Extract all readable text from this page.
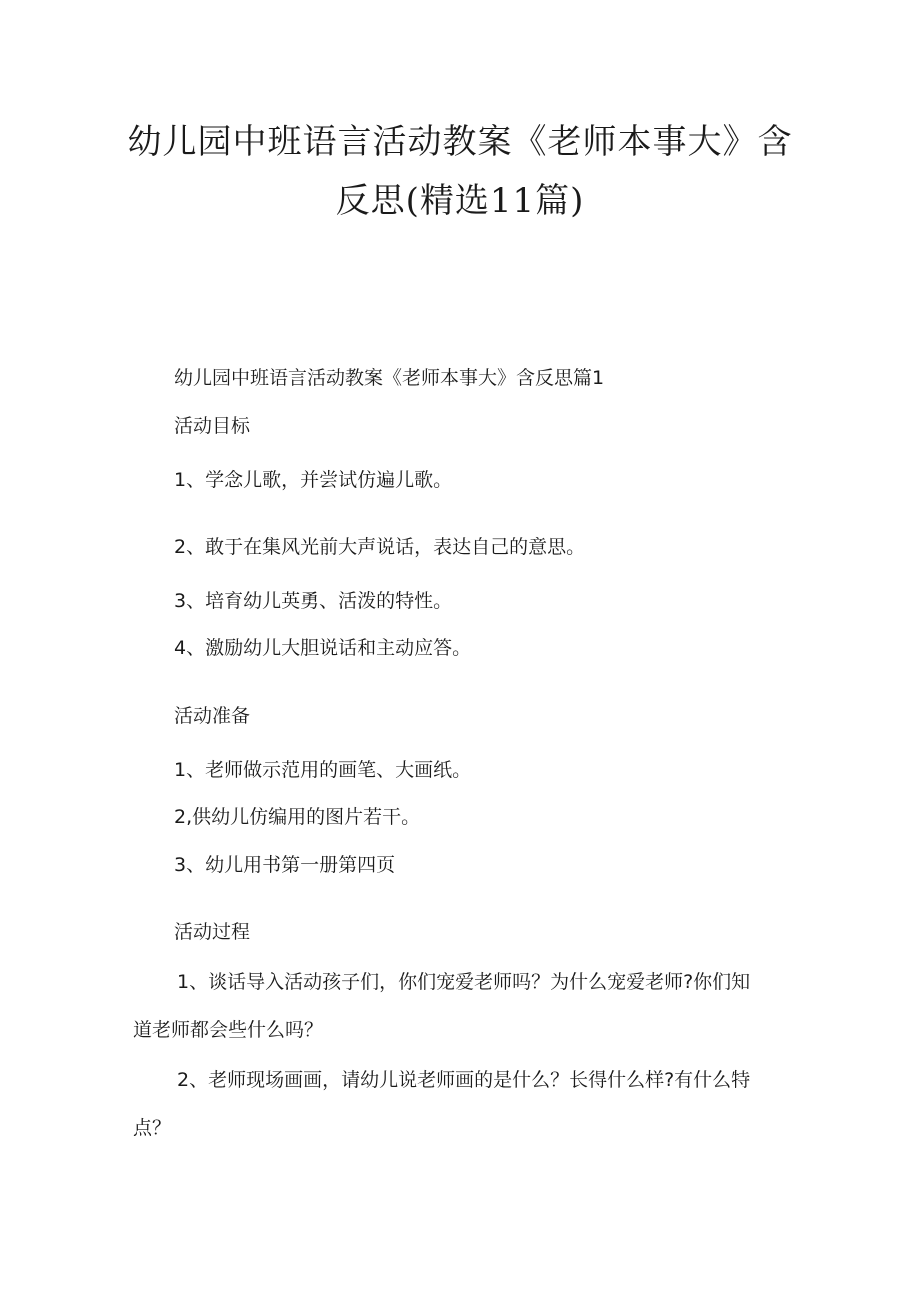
幼儿园中班语言活动教案《老师本事大》含
反思(精选11篇)
幼儿园中班语言活动教案《老师本事大》含反思篇1
活动目标
1、学念儿歌，并尝试仿遍儿歌。
2、敢于在集风光前大声说话，表达自己的意思。
3、培育幼儿英勇、活泼的特性。
4、激励幼儿大胆说话和主动应答。
活动准备
1、老师做示范用的画笔、大画纸。
2,供幼儿仿编用的图片若干。
3、幼儿用书第一册第四页
活动过程
1、谈话导入活动孩子们，你们宠爱老师吗？为什么宠爱老师?你们知
道老师都会些什么吗？
2、老师现场画画，请幼儿说老师画的是什么？长得什么样?有什么特
点？
